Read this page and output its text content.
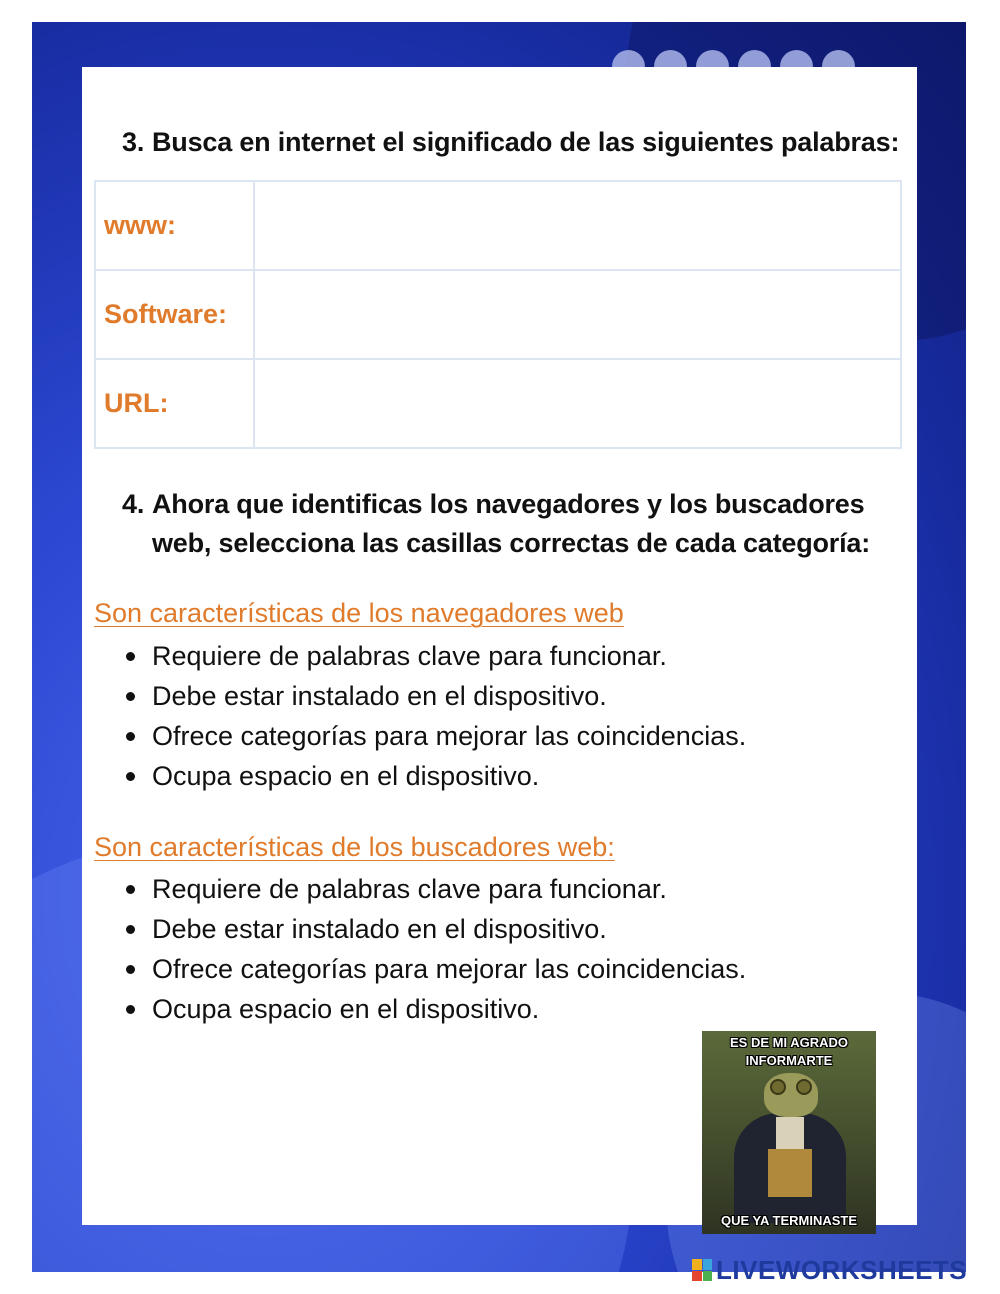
3. Busca en internet el significado de las siguientes palabras:
www:	
Software:	
URL:	
4. Ahora que identificas los navegadores y los buscadores
web, selecciona las casillas correctas de cada categoría:
Son características de los navegadores web
Requiere de palabras clave para funcionar.
Debe estar instalado en el dispositivo.
Ofrece categorías para mejorar las coincidencias.
Ocupa espacio en el dispositivo.
Son características de los buscadores web:
Requiere de palabras clave para funcionar.
Debe estar instalado en el dispositivo.
Ofrece categorías para mejorar las coincidencias.
Ocupa espacio en el dispositivo.
ES DE MI AGRADO
INFORMARTE
QUE YA TERMINASTE
LIVEWORKSHEETS
